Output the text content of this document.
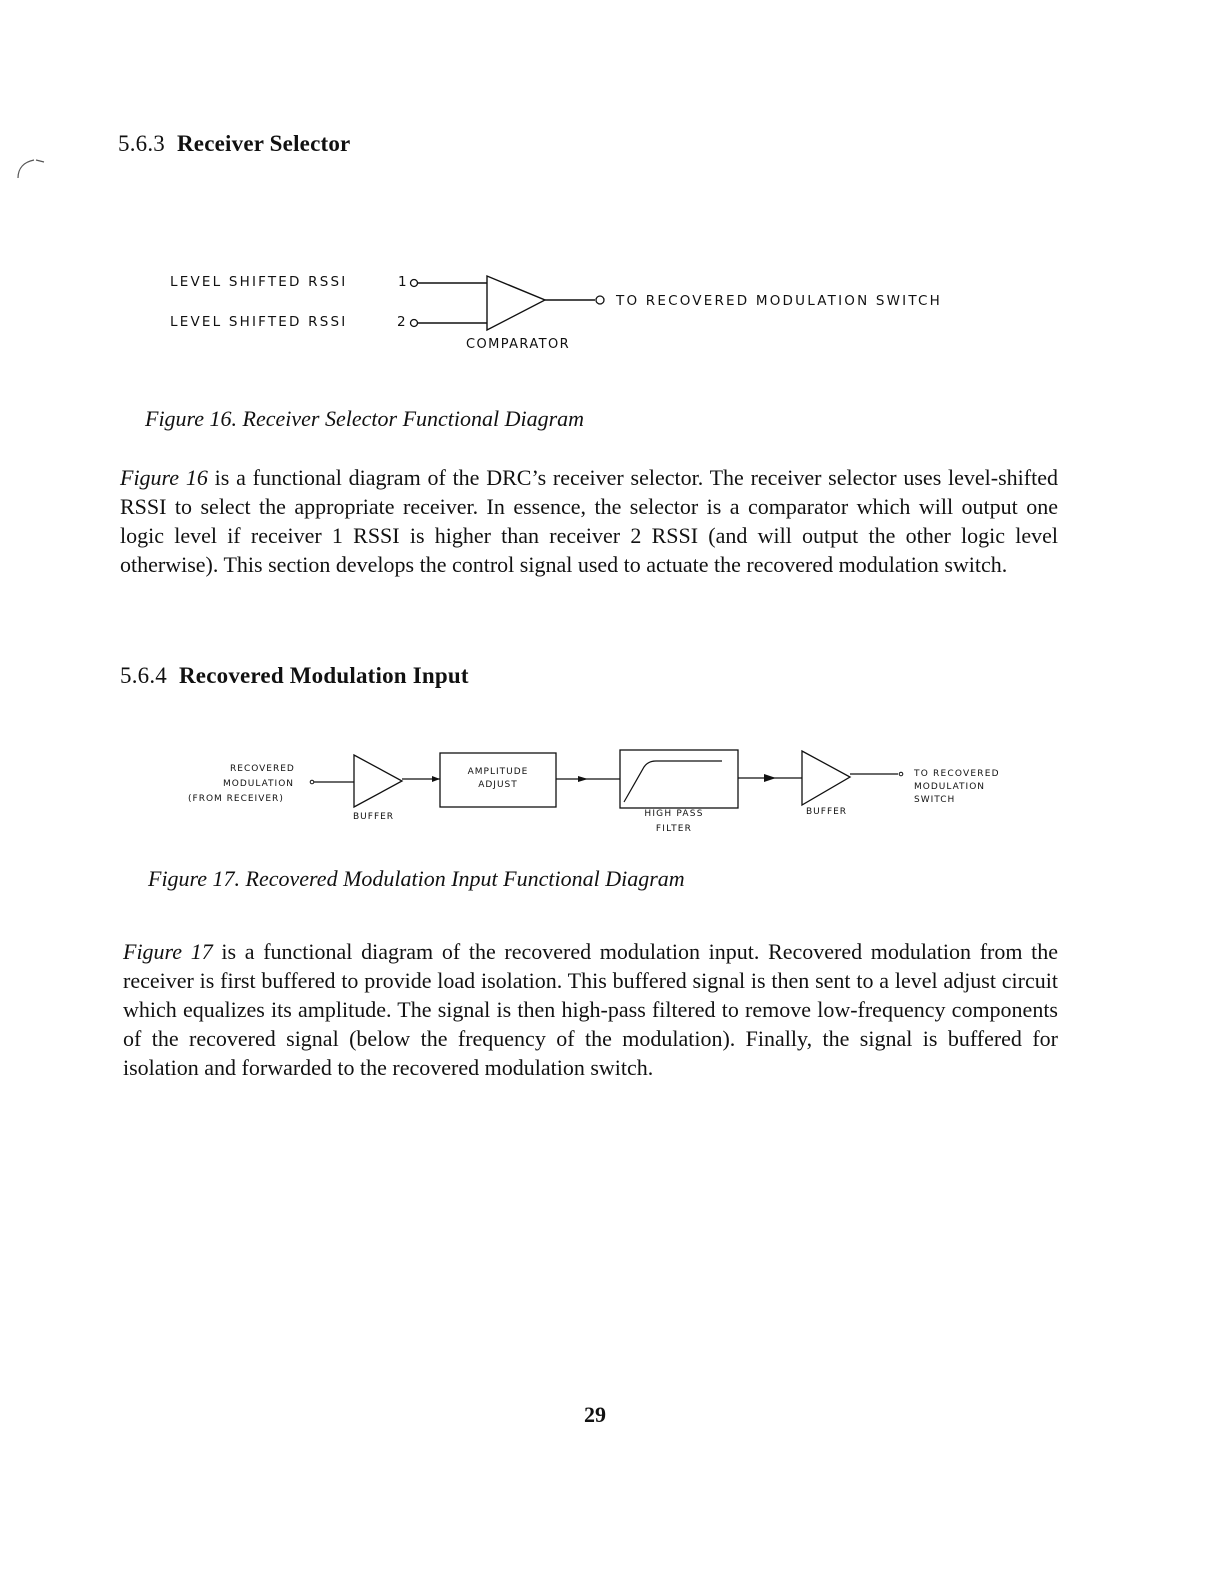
5.6.3 Receiver Selector
LEVEL SHIFTED RSSI	1
LEVEL SHIFTED RSSI	2
TO RECOVERED MODULATION SWITCH
COMPARATOR

Figure 16. Receiver Selector Functional Diagram

Figure 16 is a functional diagram of the DRC’s receiver selector. The receiver selector uses level-shifted RSSI to select the appropriate receiver. In essence, the selector is a comparator which will output one logic level if receiver 1 RSSI is higher than receiver 2 RSSI (and will output the other logic level otherwise). This section develops the control signal used to actuate the recovered modulation switch.

5.6.4 Recovered Modulation Input
RECOVERED
MODULATION
(FROM RECEIVER)
BUFFER
AMPLITUDE
ADJUST
HIGH PASS
FILTER
BUFFER
TO RECOVERED
MODULATION
SWITCH

Figure 17. Recovered Modulation Input Functional Diagram

Figure 17 is a functional diagram of the recovered modulation input. Recovered modulation from the receiver is first buffered to provide load isolation. This buffered signal is then sent to a level adjust circuit which equalizes its amplitude. The signal is then high-pass filtered to remove low-frequency components of the recovered signal (below the frequency of the modulation). Finally, the signal is buffered for isolation and forwarded to the recovered modulation switch.

29
